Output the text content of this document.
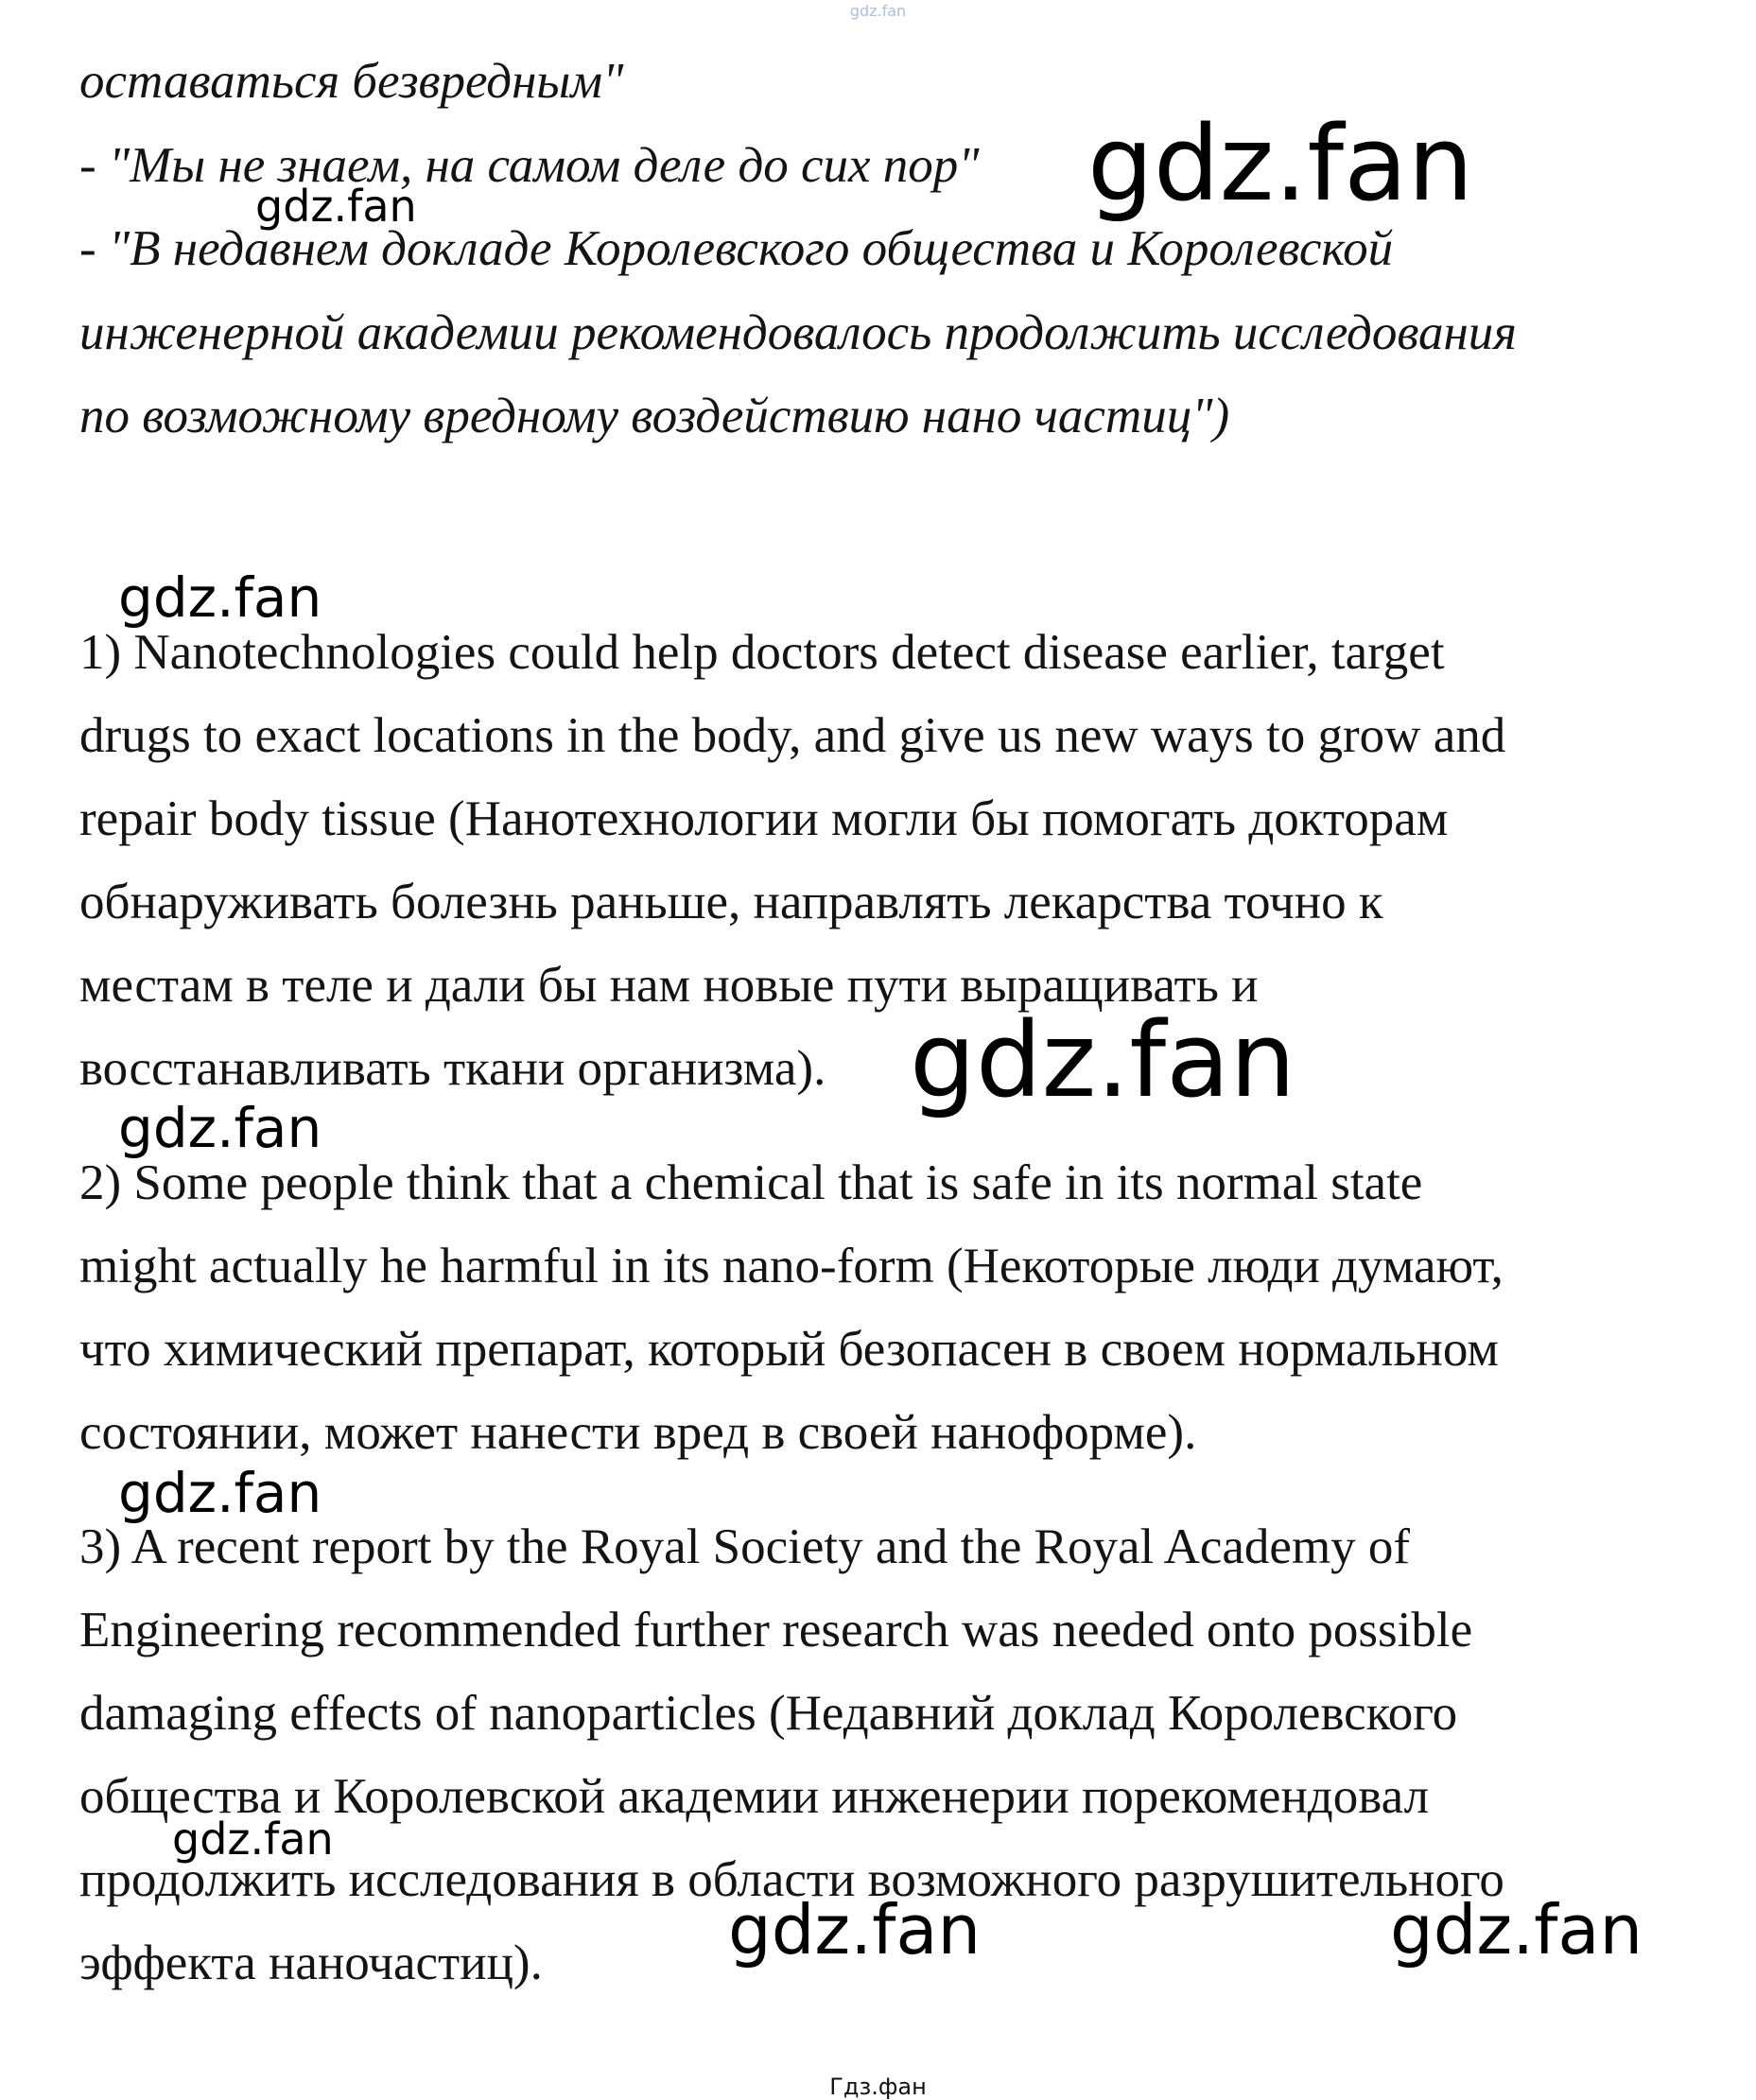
gdz.fan
оставаться безвредным"
- "Мы не знаем, на самом деле до сих пор"
- "В недавнем докладе Королевского общества и Королевской
инженерной академии рекомендовалось продолжить исследования
по возможному вредному воздействию нано частиц")
1) Nanotechnologies could help doctors detect disease earlier, target
drugs to exact locations in the body, and give us new ways to grow and
repair body tissue (Нанотехнологии могли бы помогать докторам
обнаруживать болезнь раньше, направлять лекарства точно к
местам в теле и дали бы нам новые пути выращивать и
восстанавливать ткани организма).
2) Some people think that a chemical that is safe in its normal state
might actually he harmful in its nano-form (Некоторые люди думают,
что химический препарат, который безопасен в своем нормальном
состоянии, может нанести вред в своей наноформе).
3) A recent report by the Royal Society and the Royal Academy of
Engineering recommended further research was needed onto possible
damaging effects of nanoparticles (Недавний доклад Королевского
общества и Королевской академии инженерии порекомендовал
продолжить исследования в области возможного разрушительного
эффекта наночастиц).
gdz.fan
gdz.fan
gdz.fan
gdz.fan
gdz.fan
gdz.fan
gdz.fan
gdz.fan	gdz.fan
Гдз.фан
